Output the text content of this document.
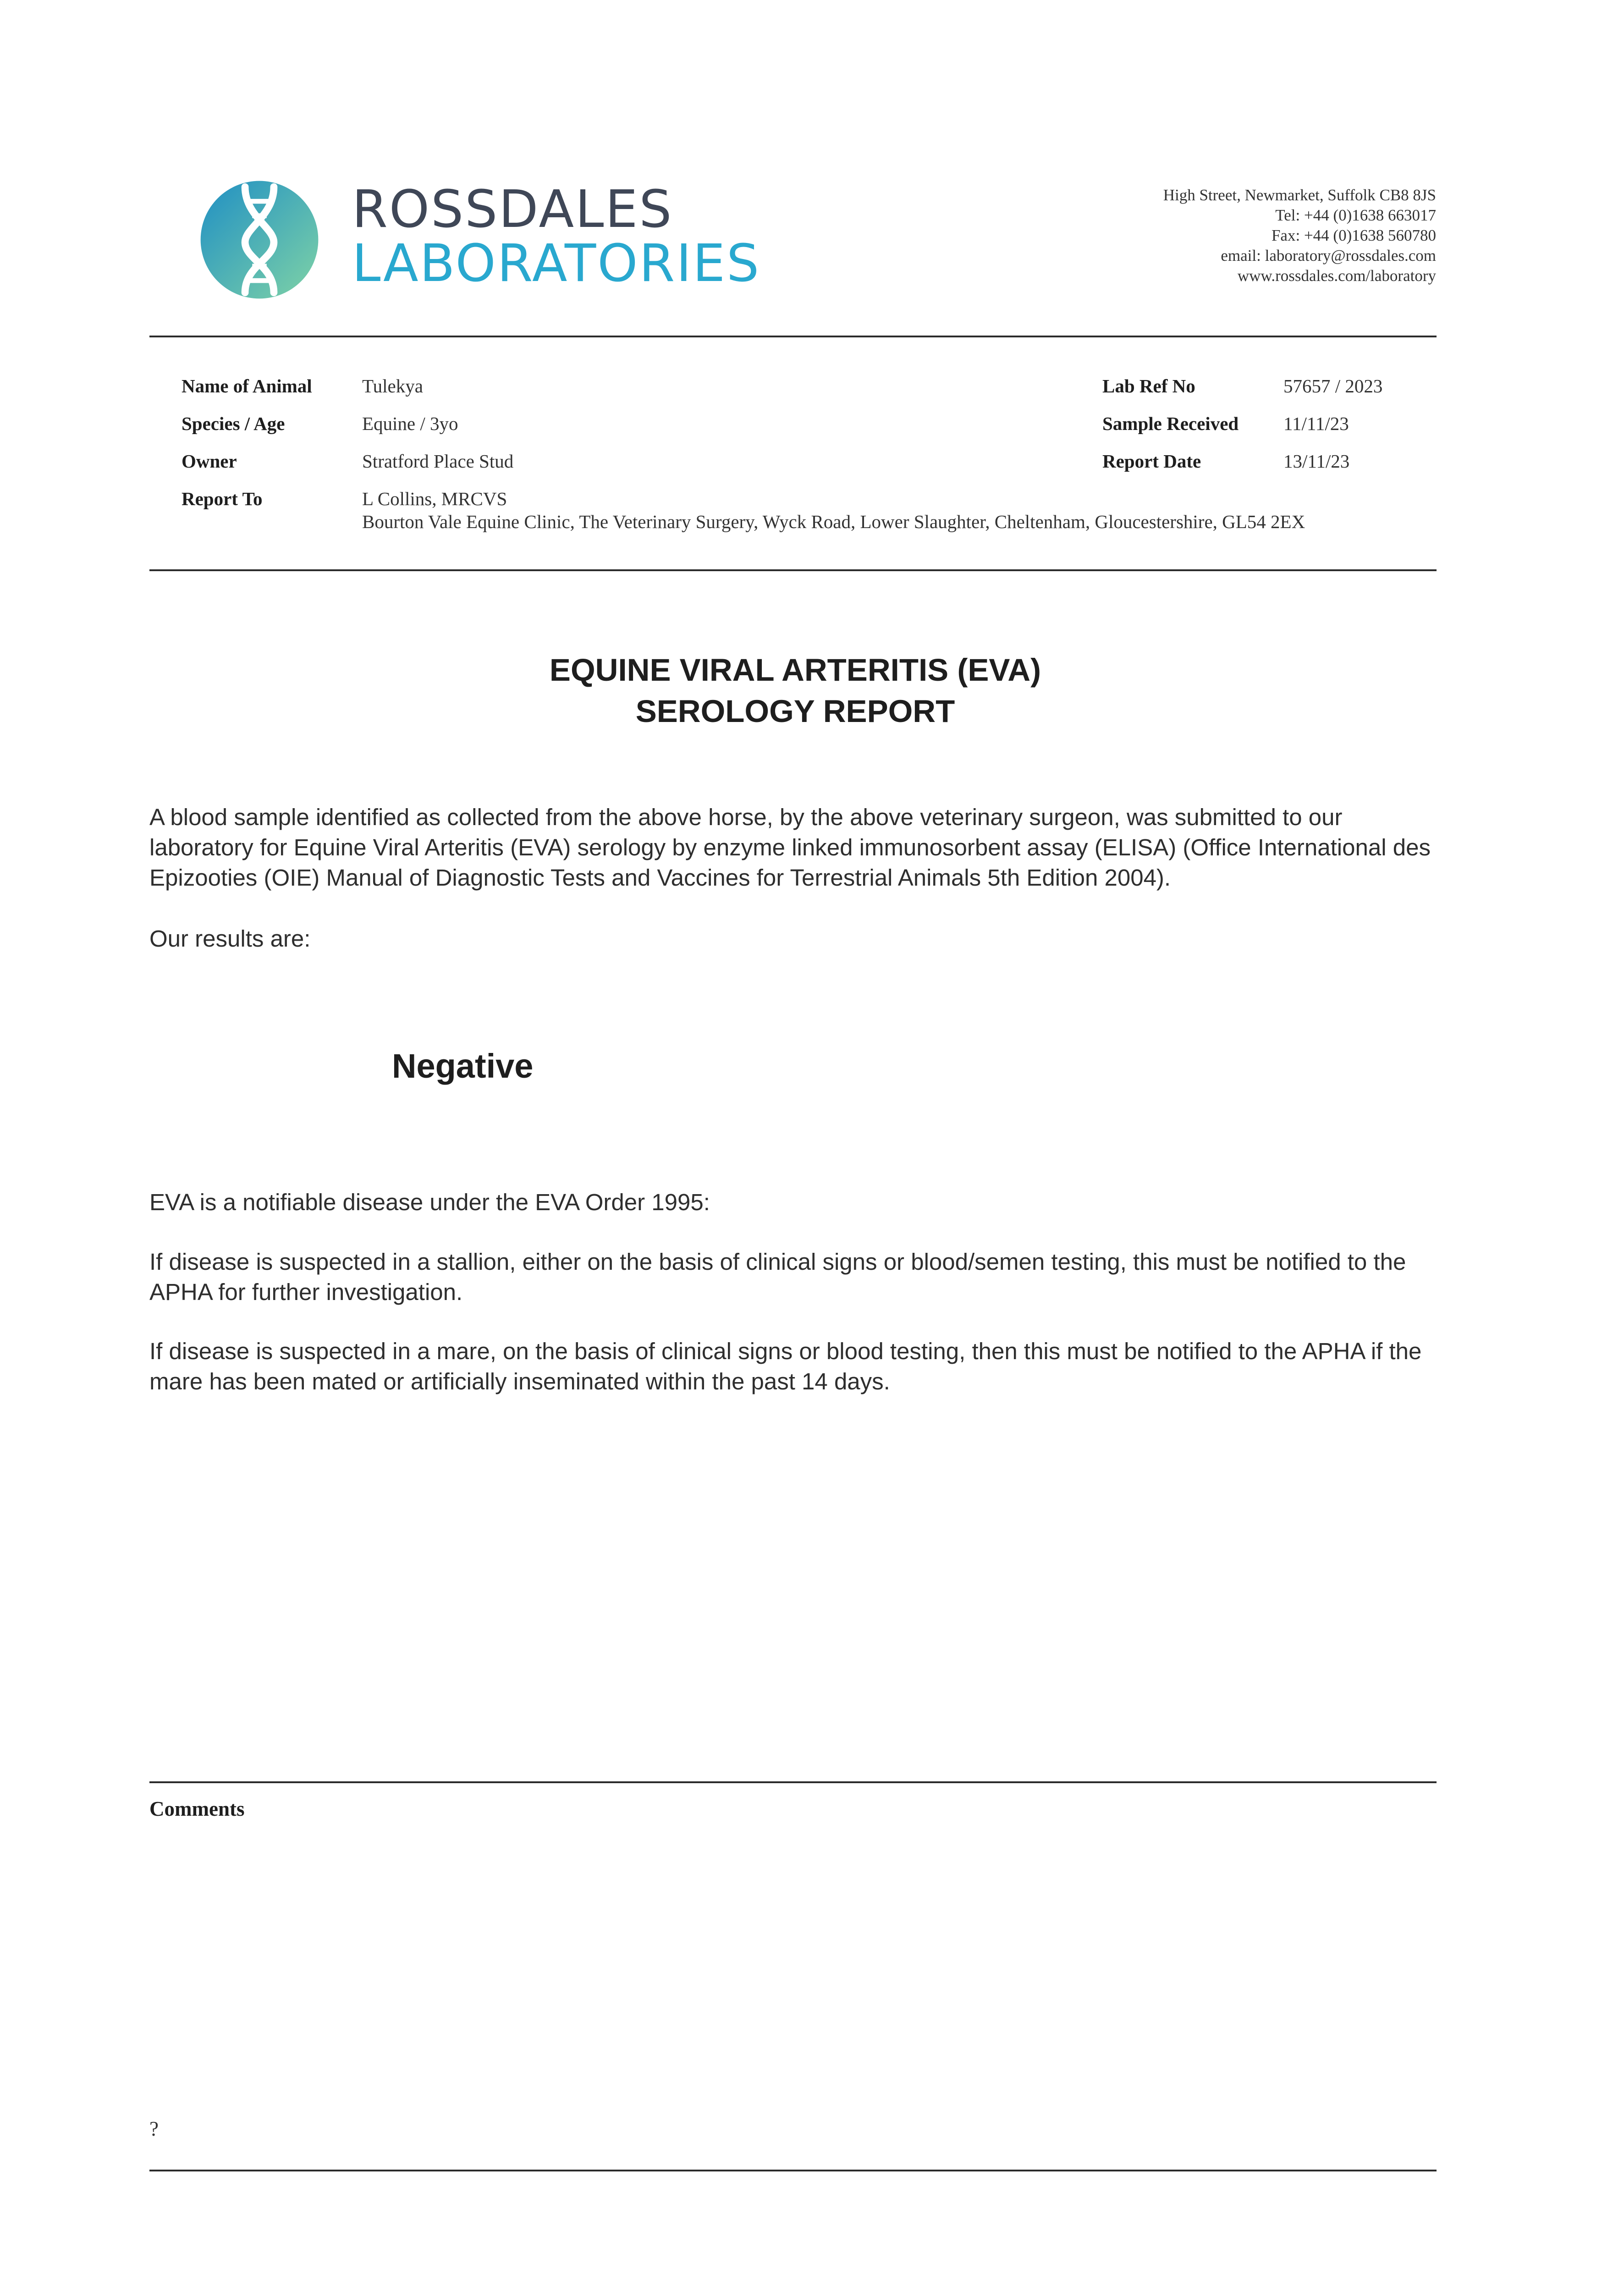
ROSSDALES
LABORATORIES
High Street, Newmarket, Suffolk CB8 8JS
Tel: +44 (0)1638 663017
Fax: +44 (0)1638 560780
email: laboratory@rossdales.com
www.rossdales.com/laboratory
Name of Animal	Tulekya
Species / Age	Equine / 3yo
Owner	Stratford Place Stud
Report To	L Collins, MRCVS
Bourton Vale Equine Clinic, The Veterinary Surgery, Wyck Road, Lower Slaughter, Cheltenham, Gloucestershire, GL54 2EX
Lab Ref No	57657 / 2023
Sample Received 11/11/23
Report Date	13/11/23
EQUINE VIRAL ARTERITIS (EVA)
SEROLOGY REPORT
A blood sample identified as collected from the above horse, by the above veterinary surgeon, was submitted to our laboratory for Equine Viral Arteritis (EVA) serology by enzyme linked immunosorbent assay (ELISA) (Office International des Epizooties (OIE) Manual of Diagnostic Tests and Vaccines for Terrestrial Animals 5th Edition 2004).
Our results are:
Negative
EVA is a notifiable disease under the EVA Order 1995:
If disease is suspected in a stallion, either on the basis of clinical signs or blood/semen testing, this must be notified to the APHA for further investigation.
If disease is suspected in a mare, on the basis of clinical signs or blood testing, then this must be notified to the APHA if the mare has been mated or artificially inseminated within the past 14 days.
Comments
?
